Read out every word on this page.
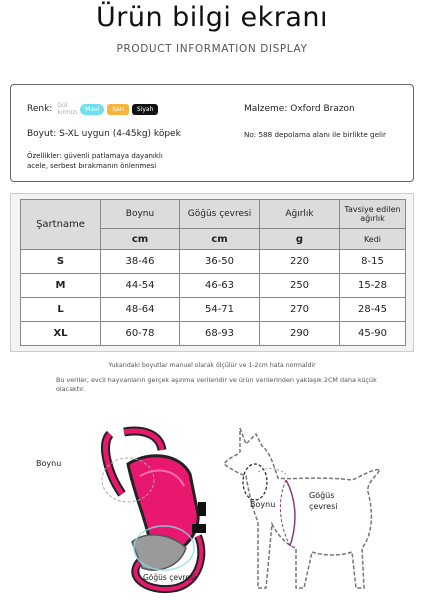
Ürün bilgi ekranı
PRODUCT INFORMATION DISPLAY
Renk: Gül
kırmızı	Mavi	Sarı	Siyah	Malzeme: Oxford Brazon
Boyut: S-XL uygun (4-45kg) köpek	No: 588 depolama alanı ile birlikte gelir
Özellikler: güvenli patlamaya dayanıklı
acele, serbest bırakmanın önlenmesi
Şartname	Boynu	Göğüs çevresi	Ağırlık	Tavsiye edilen ağırlık
	cm	cm	g	Kedi
S	38-46	36-50	220	8-15
M	44-54	46-63	250	15-28
L	48-64	54-71	270	28-45
XL	60-78	68-93	290	45-90
Yukarıdaki boyutlar manuel olarak ölçülür ve 1-2cm hata normaldir
Bu veriler, evcil hayvanların gerçek aşınma verileridir ve ürün verilerinden yaklaşık 2CM daha küçük olacaktır.
Boynu
Göğüs çevresi
Boynu
Göğüs
çevresi
